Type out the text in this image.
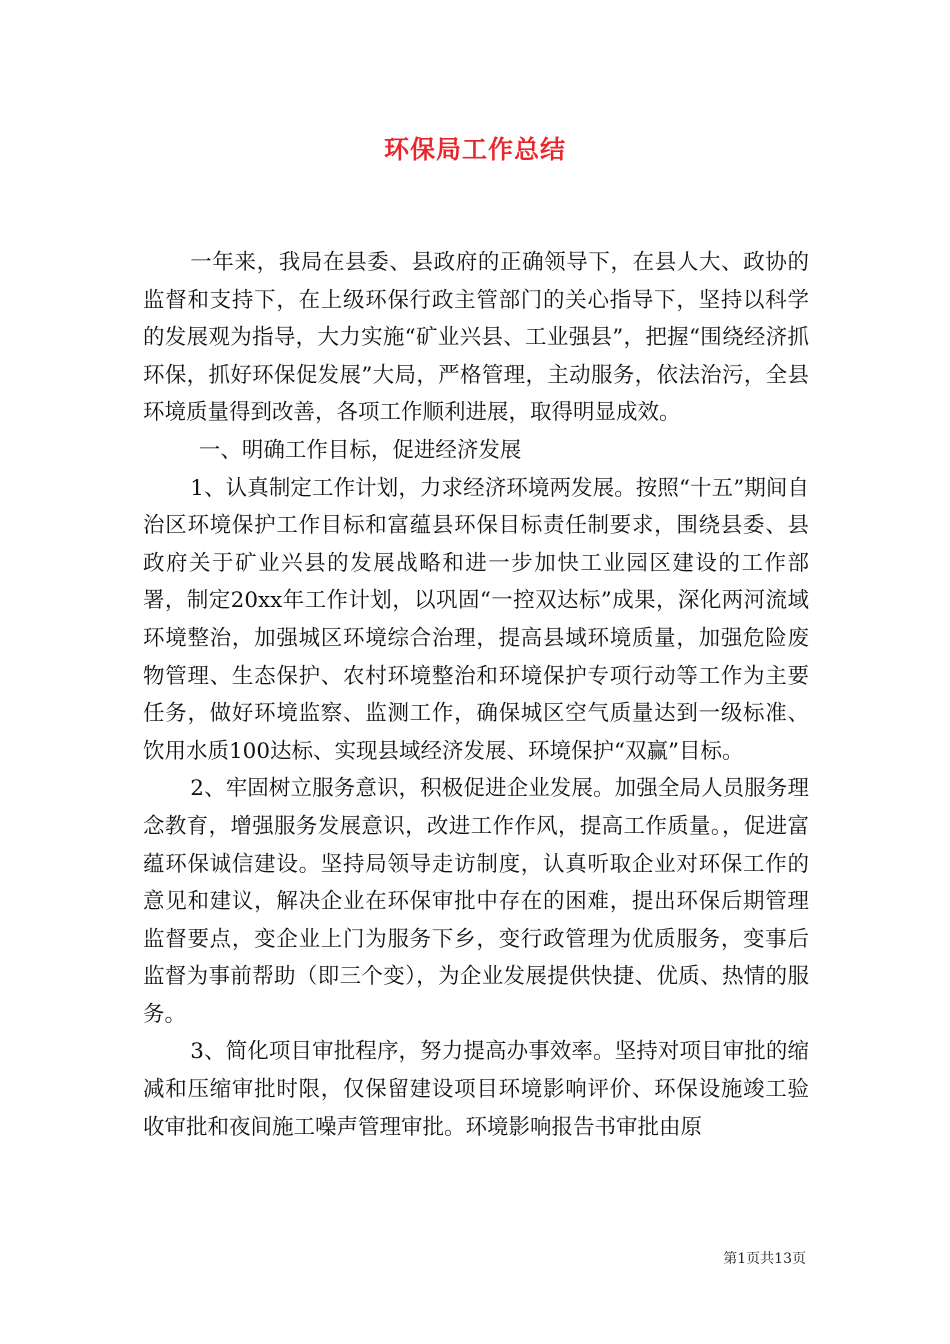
环保局工作总结

一年来，我局在县委、县政府的正确领导下，在县人大、政协的监督和支持下，在上级环保行政主管部门的关心指导下，坚持以科学的发展观为指导，大力实施“矿业兴县、工业强县”，把握“围绕经济抓环保，抓好环保促发展”大局，严格管理，主动服务，依法治污，全县环境质量得到改善，各项工作顺利进展，取得明显成效。

一、明确工作目标，促进经济发展

1、认真制定工作计划，力求经济环境两发展。按照“十五”期间自治区环境保护工作目标和富蕴县环保目标责任制要求，围绕县委、县政府关于矿业兴县的发展战略和进一步加快工业园区建设的工作部署，制定20xx年工作计划，以巩固“一控双达标”成果，深化两河流域环境整治，加强城区环境综合治理，提高县域环境质量，加强危险废物管理、生态保护、农村环境整治和环境保护专项行动等工作为主要任务，做好环境监察、监测工作，确保城区空气质量达到一级标准、饮用水质100达标、实现县域经济发展、环境保护“双赢”目标。

2、牢固树立服务意识，积极促进企业发展。加强全局人员服务理念教育，增强服务发展意识，改进工作作风，提高工作质量。，促进富蕴环保诚信建设。坚持局领导走访制度，认真听取企业对环保工作的意见和建议，解决企业在环保审批中存在的困难，提出环保后期管理监督要点，变企业上门为服务下乡，变行政管理为优质服务，变事后监督为事前帮助（即三个变），为企业发展提供快捷、优质、热情的服务。

3、简化项目审批程序，努力提高办事效率。坚持对项目审批的缩减和压缩审批时限，仅保留建设项目环境影响评价、环保设施竣工验收审批和夜间施工噪声管理审批。环境影响报告书审批由原

第1页共13页
